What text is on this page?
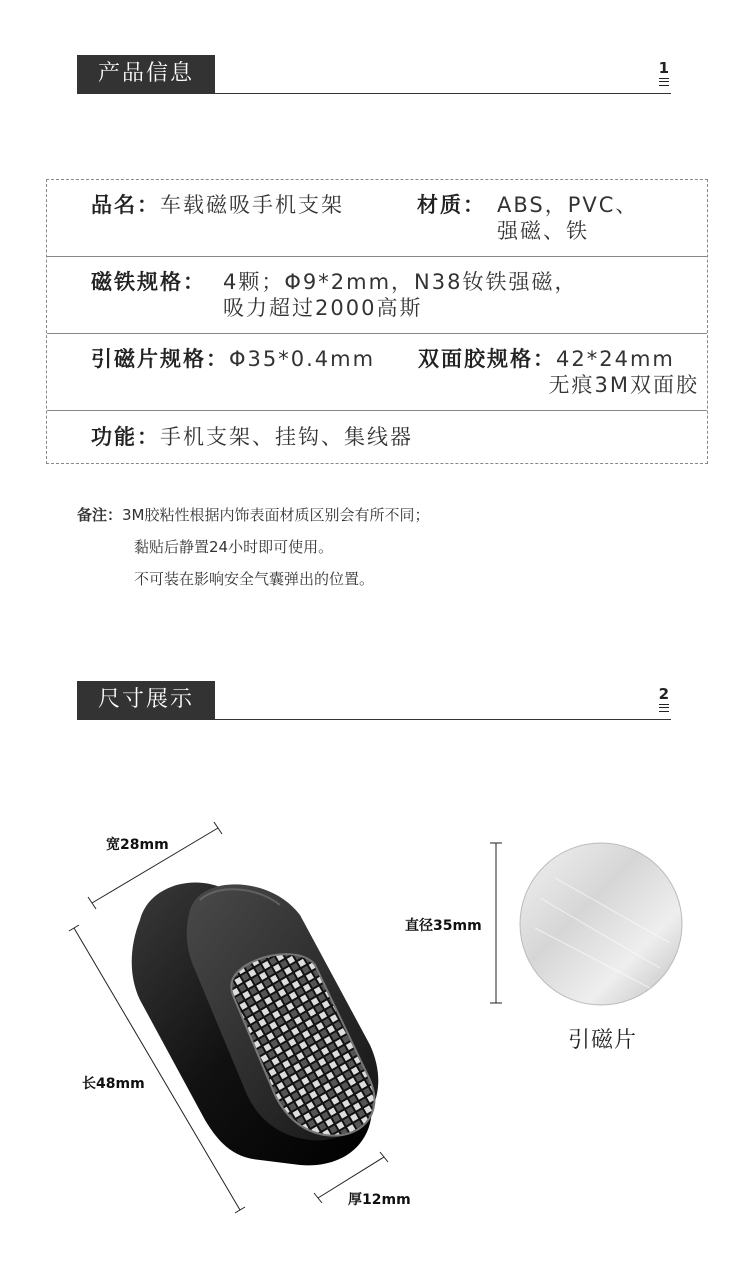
产品信息	1
品名：车载磁吸手机支架	材质： ABS，PVC、
强磁、铁
磁铁规格： 4颗；Φ9*2mm，N38钕铁强磁，
吸力超过2000高斯
引磁片规格：Φ35*0.4mm 双面胶规格：42*24mm
无痕3M双面胶
功能：手机支架、挂钩、集线器
备注：3M胶粘性根据内饰表面材质区别会有所不同；
黏贴后静置24小时即可使用。
不可装在影响安全气囊弹出的位置。
尺寸展示	2
宽28mm
长48mm
厚12mm
直径35mm
引磁片
